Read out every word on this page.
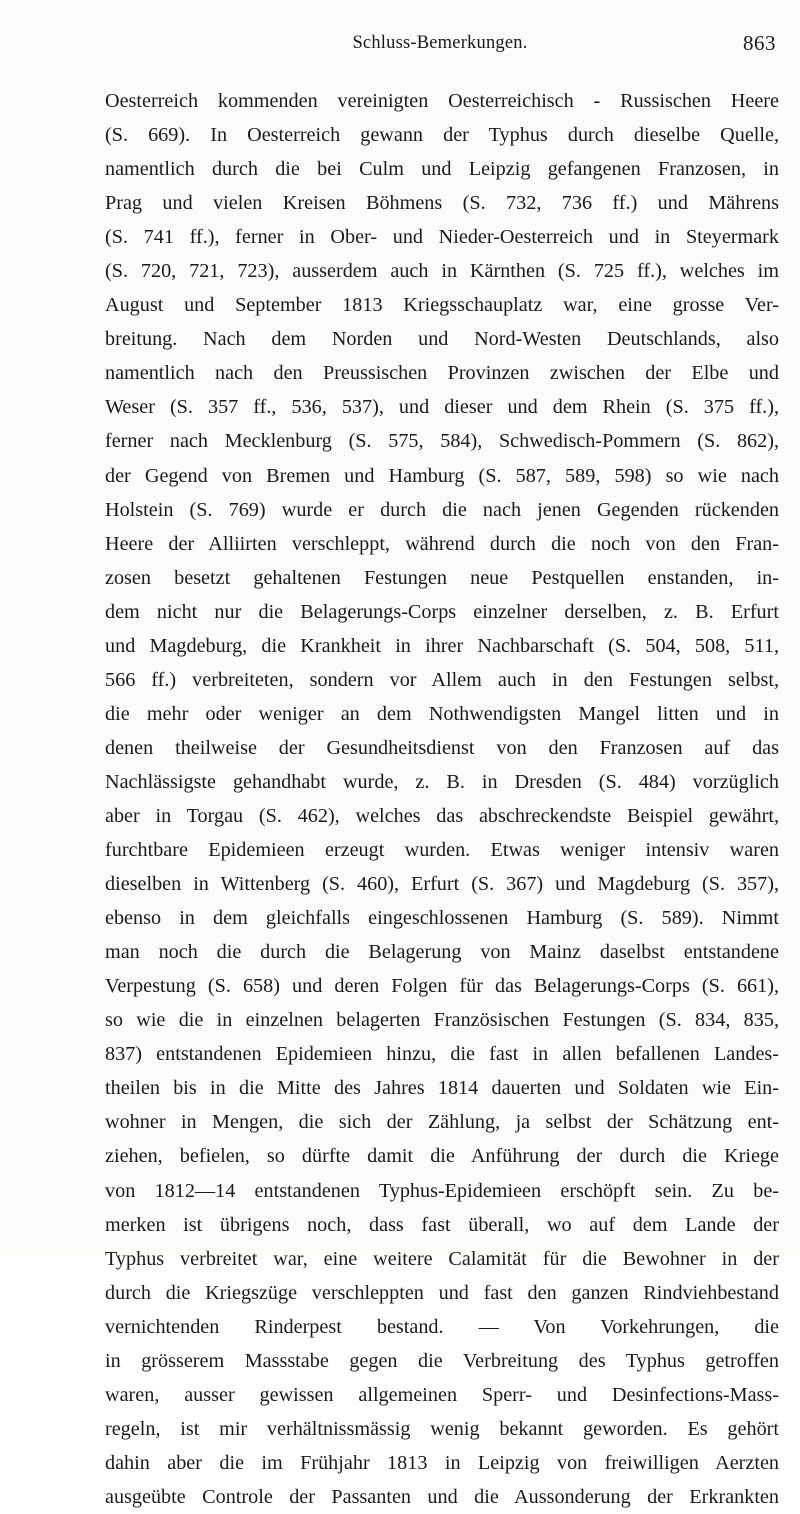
Schluss-Bemerkungen.	863
Oesterreich kommenden vereinigten Oesterreichisch - Russischen Heere
(S. 669). In Oesterreich gewann der Typhus durch dieselbe Quelle,
namentlich durch die bei Culm und Leipzig gefangenen Franzosen, in
Prag und vielen Kreisen Böhmens (S. 732, 736 ff.) und Mährens
(S. 741 ff.), ferner in Ober- und Nieder-Oesterreich und in Steyermark
(S. 720, 721, 723), ausserdem auch in Kärnthen (S. 725 ff.), welches im
August und September 1813 Kriegsschauplatz war, eine grosse Ver-
breitung. Nach dem Norden und Nord-Westen Deutschlands, also
namentlich nach den Preussischen Provinzen zwischen der Elbe und
Weser (S. 357 ff., 536, 537), und dieser und dem Rhein (S. 375 ff.),
ferner nach Mecklenburg (S. 575, 584), Schwedisch-Pommern (S. 862),
der Gegend von Bremen und Hamburg (S. 587, 589, 598) so wie nach
Holstein (S. 769) wurde er durch die nach jenen Gegenden rückenden
Heere der Alliirten verschleppt, während durch die noch von den Fran-
zosen besetzt gehaltenen Festungen neue Pestquellen enstanden, in-
dem nicht nur die Belagerungs-Corps einzelner derselben, z. B. Erfurt
und Magdeburg, die Krankheit in ihrer Nachbarschaft (S. 504, 508, 511,
566 ff.) verbreiteten, sondern vor Allem auch in den Festungen selbst,
die mehr oder weniger an dem Nothwendigsten Mangel litten und in
denen theilweise der Gesundheitsdienst von den Franzosen auf das
Nachlässigste gehandhabt wurde, z. B. in Dresden (S. 484) vorzüglich
aber in Torgau (S. 462), welches das abschreckendste Beispiel gewährt,
furchtbare Epidemieen erzeugt wurden. Etwas weniger intensiv waren
dieselben in Wittenberg (S. 460), Erfurt (S. 367) und Magdeburg (S. 357),
ebenso in dem gleichfalls eingeschlossenen Hamburg (S. 589). Nimmt
man noch die durch die Belagerung von Mainz daselbst entstandene
Verpestung (S. 658) und deren Folgen für das Belagerungs-Corps (S. 661),
so wie die in einzelnen belagerten Französischen Festungen (S. 834, 835,
837) entstandenen Epidemieen hinzu, die fast in allen befallenen Landes-
theilen bis in die Mitte des Jahres 1814 dauerten und Soldaten wie Ein-
wohner in Mengen, die sich der Zählung, ja selbst der Schätzung ent-
ziehen, befielen, so dürfte damit die Anführung der durch die Kriege
von 1812—14 entstandenen Typhus-Epidemieen erschöpft sein. Zu be-
merken ist übrigens noch, dass fast überall, wo auf dem Lande der
Typhus verbreitet war, eine weitere Calamität für die Bewohner in der
durch die Kriegszüge verschleppten und fast den ganzen Rindviehbestand
vernichtenden Rinderpest bestand. — Von Vorkehrungen, die
in grösserem Massstabe gegen die Verbreitung des Typhus getroffen
waren, ausser gewissen allgemeinen Sperr- und Desinfections-Mass-
regeln, ist mir verhältnissmässig wenig bekannt geworden. Es gehört
dahin aber die im Frühjahr 1813 in Leipzig von freiwilligen Aerzten
ausgeübte Controle der Passanten und die Aussonderung der Erkrankten
